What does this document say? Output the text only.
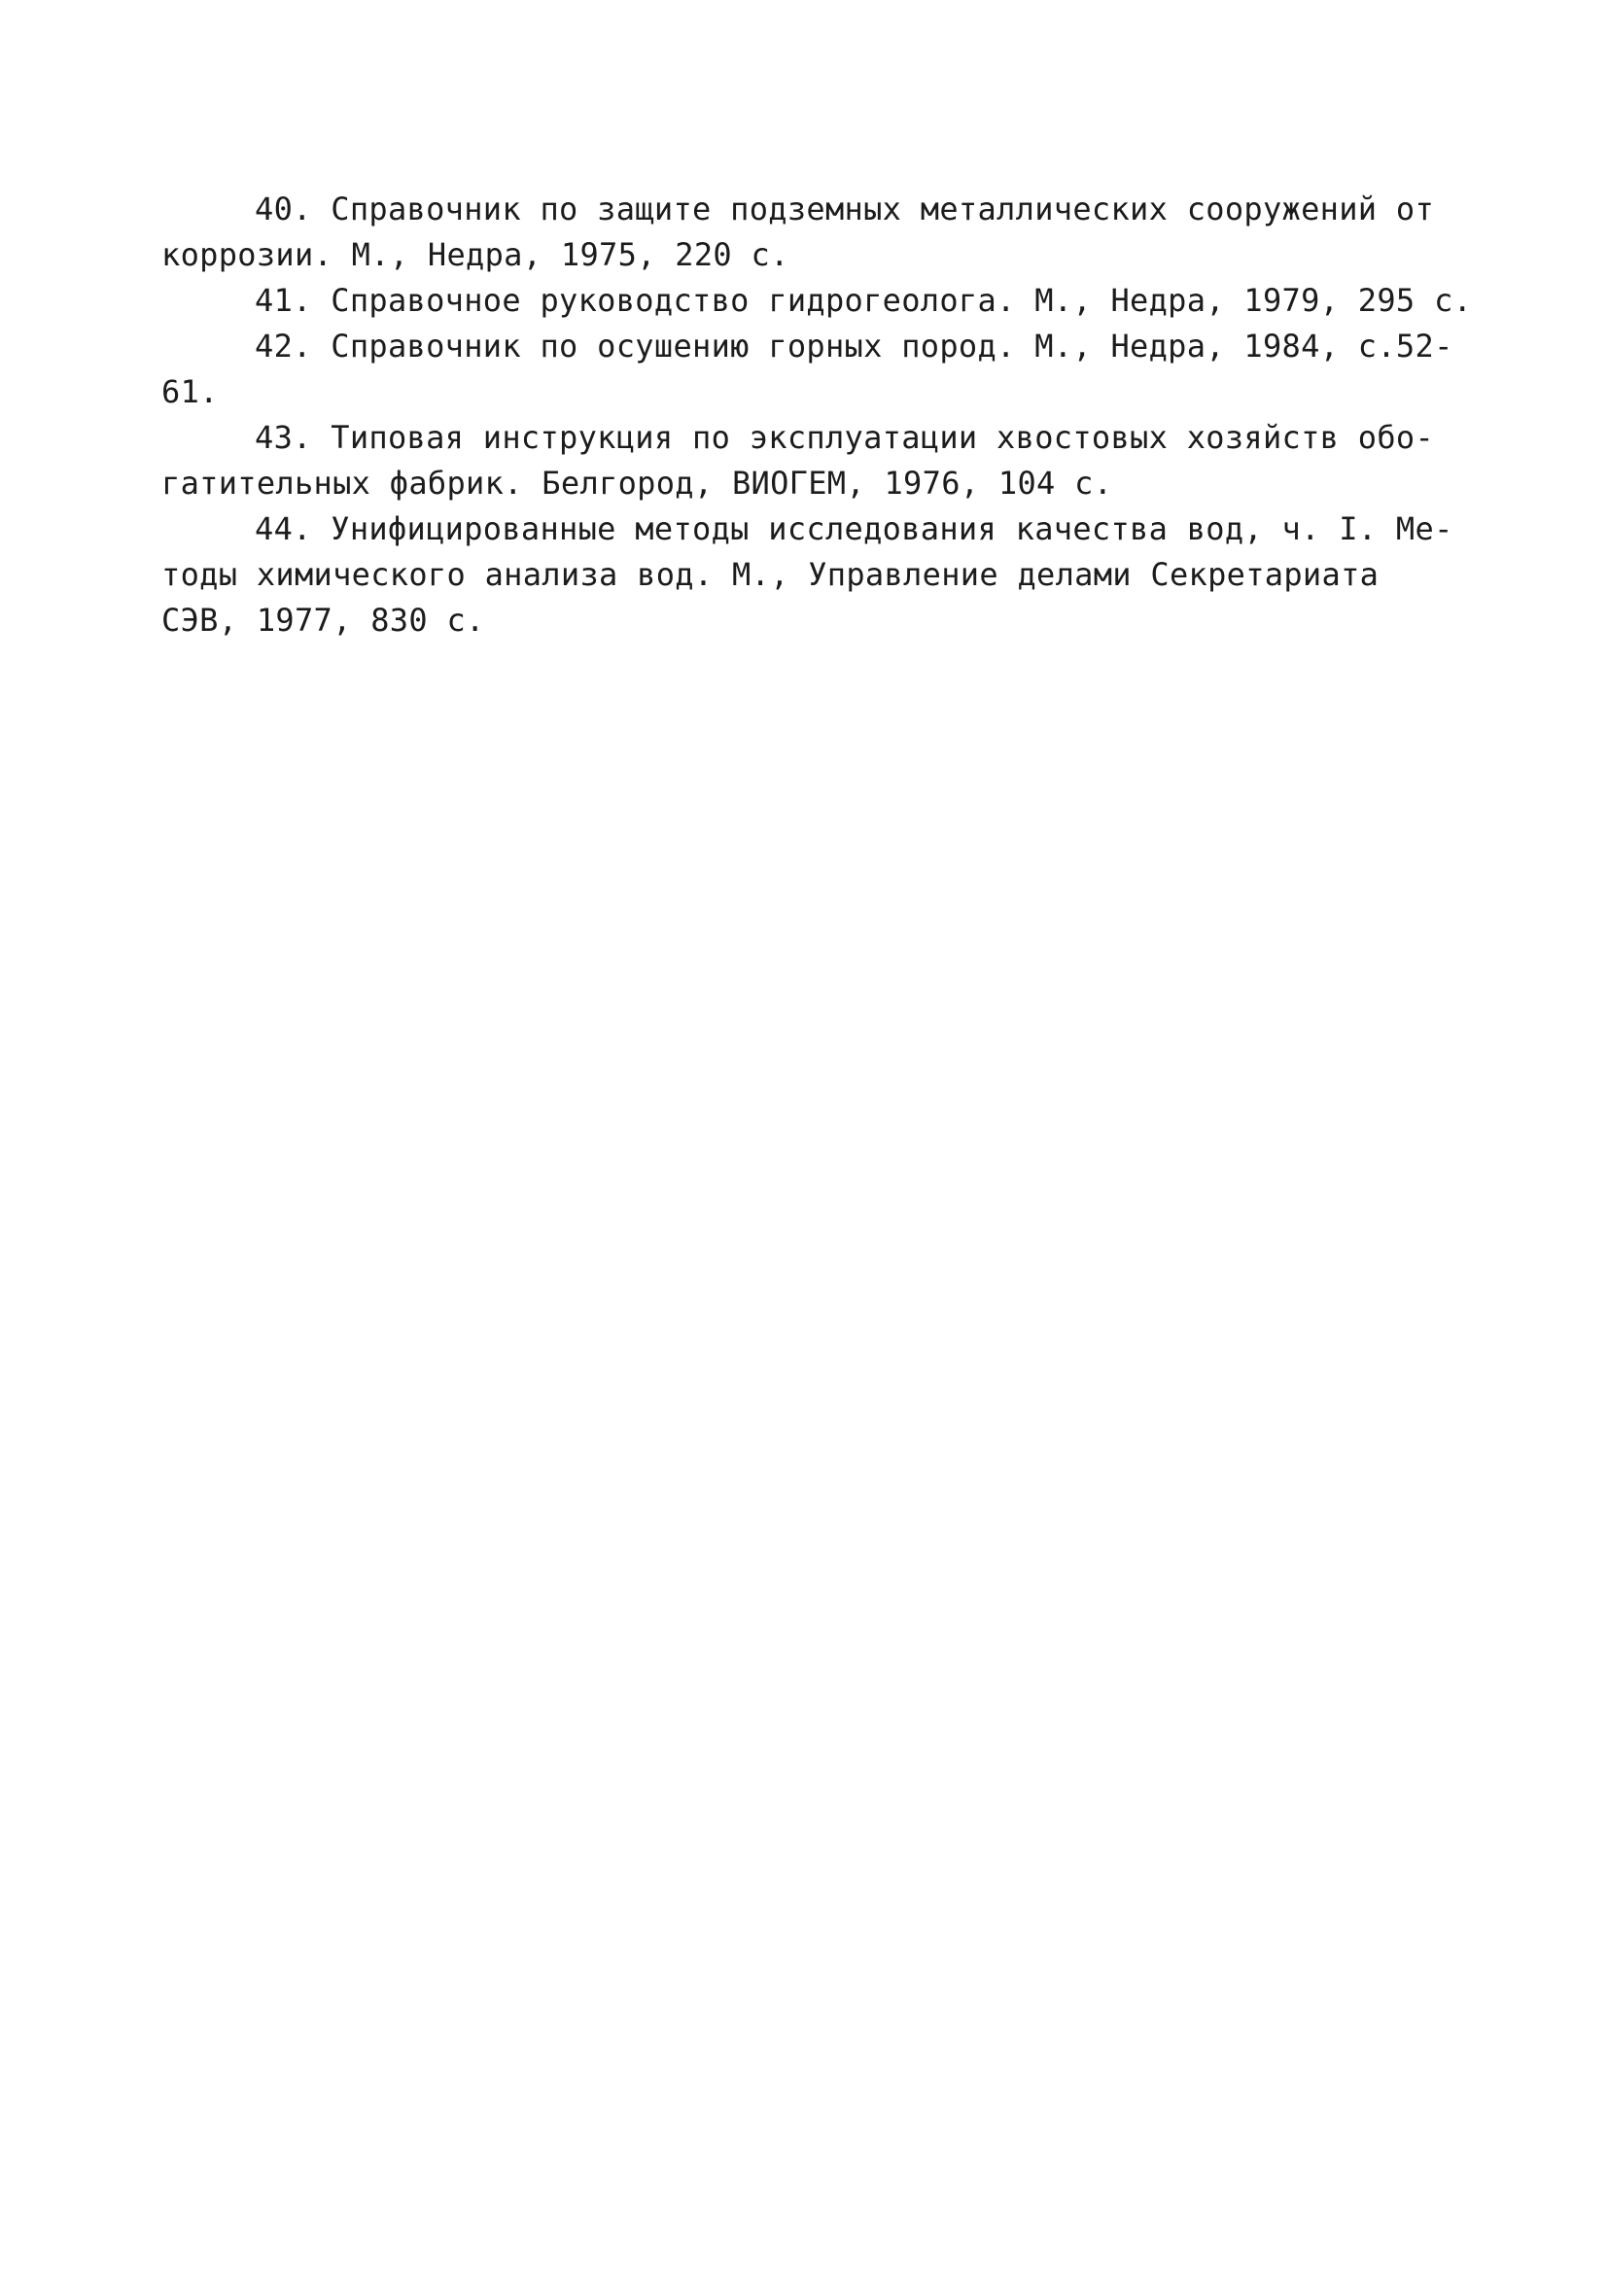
40. Справочник по защите подземных металлических сооружений от
коррозии. М., Недра, 1975, 220 с.
41. Справочное руководство гидрогеолога. М., Недра, 1979, 295 с.
42. Справочник по осушению горных пород. М., Недра, 1984, с.52-
61.
43. Типовая инструкция по эксплуатации хвостовых хозяйств обо-
гатительных фабрик. Белгород, ВИОГЕМ, 1976, 104 с.
44. Унифицированные методы исследования качества вод, ч. I. Ме-
тоды химического анализа вод. М., Управление делами Секретариата
СЭВ, 1977, 830 с.
